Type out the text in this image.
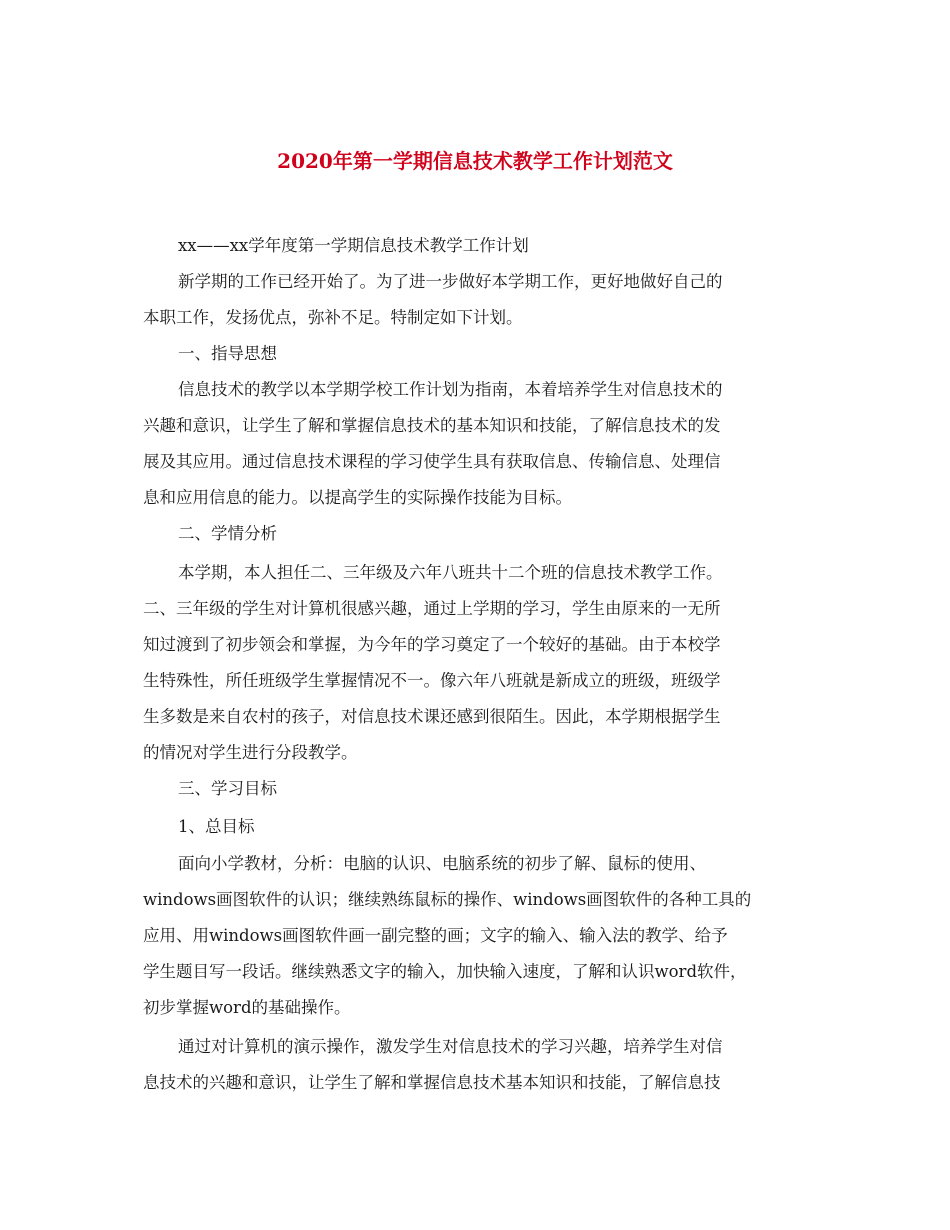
2020年第一学期信息技术教学工作计划范文

xx——xx学年度第一学期信息技术教学工作计划

新学期的工作已经开始了。为了进一步做好本学期工作，更好地做好自己的

本职工作，发扬优点，弥补不足。特制定如下计划。

一、指导思想

信息技术的教学以本学期学校工作计划为指南，本着培养学生对信息技术的

兴趣和意识，让学生了解和掌握信息技术的基本知识和技能，了解信息技术的发

展及其应用。通过信息技术课程的学习使学生具有获取信息、传输信息、处理信

息和应用信息的能力。以提高学生的实际操作技能为目标。

二、学情分析

本学期，本人担任二、三年级及六年八班共十二个班的信息技术教学工作。

二、三年级的学生对计算机很感兴趣，通过上学期的学习，学生由原来的一无所

知过渡到了初步领会和掌握，为今年的学习奠定了一个较好的基础。由于本校学

生特殊性，所任班级学生掌握情况不一。像六年八班就是新成立的班级，班级学

生多数是来自农村的孩子，对信息技术课还感到很陌生。因此，本学期根据学生

的情况对学生进行分段教学。

三、学习目标

1、总目标

面向小学教材，分析：电脑的认识、电脑系统的初步了解、鼠标的使用、

windows画图软件的认识；继续熟练鼠标的操作、windows画图软件的各种工具的

应用、用windows画图软件画一副完整的画；文字的输入、输入法的教学、给予

学生题目写一段话。继续熟悉文字的输入，加快输入速度，了解和认识word软件，

初步掌握word的基础操作。

通过对计算机的演示操作，激发学生对信息技术的学习兴趣，培养学生对信

息技术的兴趣和意识，让学生了解和掌握信息技术基本知识和技能，了解信息技
